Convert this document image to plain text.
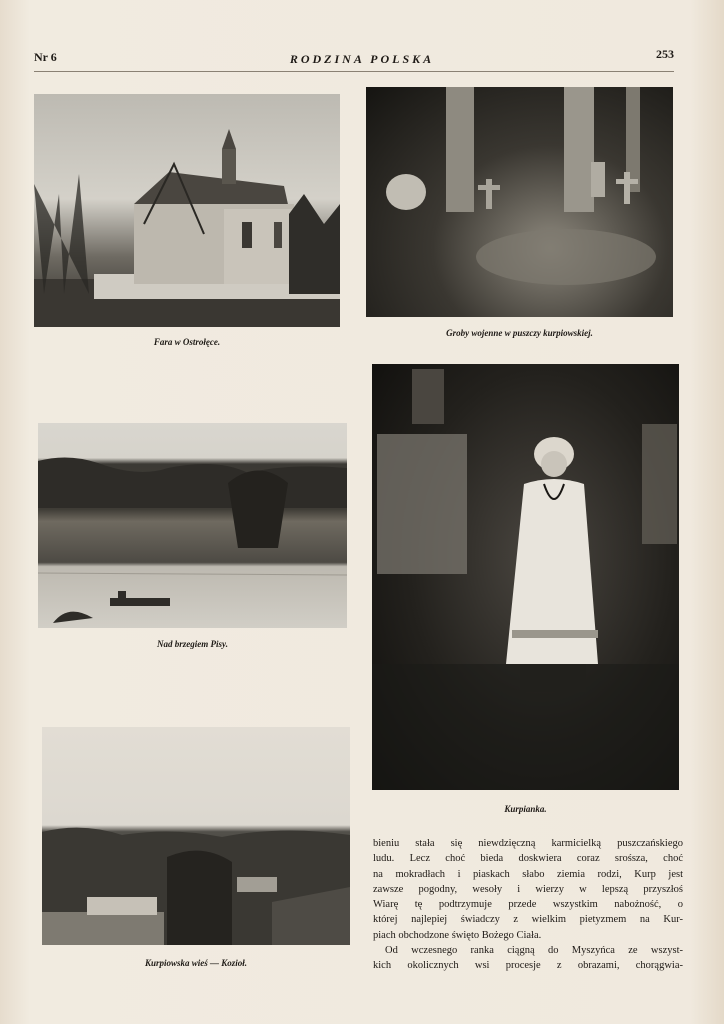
Nr 6	RODZINA POLSKA	253
Fara w Ostrołęce.
Groby wojenne w puszczy kurpiowskiej.
Nad brzegiem Pisy.
Kurpianka.
Kurpiowska wieś — Kozioł.
bieniu stała się niewdzięczną karmicielką puszczańskiego
ludu. Lecz choć bieda doskwiera coraz srośsza, choć
na mokradłach i piaskach słabo ziemia rodzi, Kurp jest
zawsze pogodny, wesoły i wierzy w lepszą przyszłoś
Wiarę tę podtrzymuje przede wszystkim nabożność, o
której najlepiej świadczy z wielkim pietyzmem na Kur-
piach obchodzone święto Bożego Ciała.
Od wczesnego ranka ciągną do Myszyńca ze wszyst-
kich okolicznych wsi procesje z obrazami, chorągwia-
